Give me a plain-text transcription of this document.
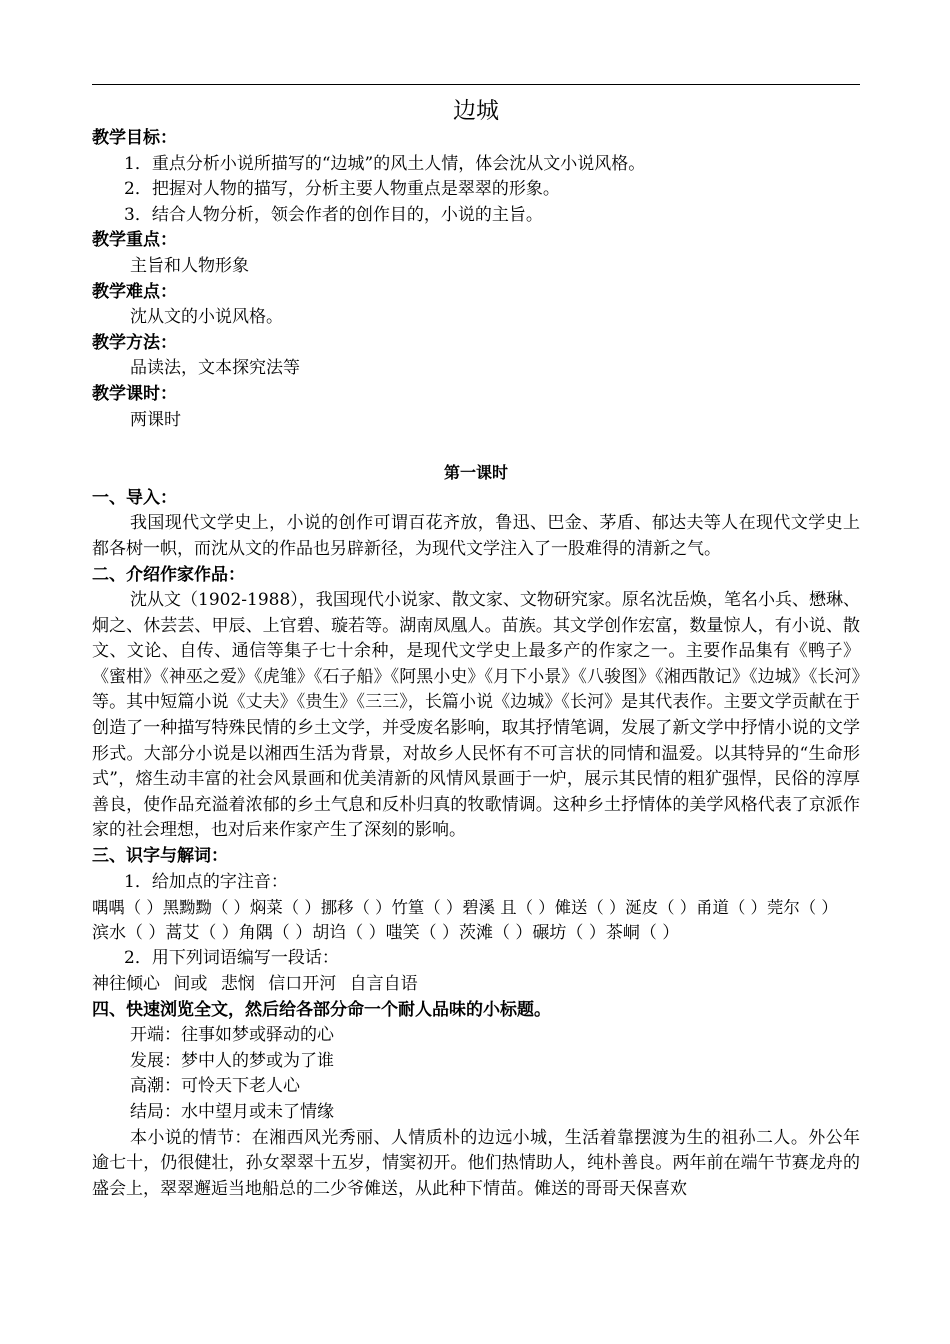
边城
教学目标：
1．重点分析小说所描写的“边城”的风土人情，体会沈从文小说风格。
2．把握对人物的描写，分析主要人物重点是翠翠的形象。
3．结合人物分析，领会作者的创作目的，小说的主旨。
教学重点：
主旨和人物形象
教学难点：
沈从文的小说风格。
教学方法：
品读法，文本探究法等
教学课时：
两课时
第一课时
一、导入：

我国现代文学史上，小说的创作可谓百花齐放，鲁迅、巴金、茅盾、郁达夫等人在现代文学史上都各树一帜，而沈从文的作品也另辟新径，为现代文学注入了一股难得的清新之气。

二、介绍作家作品：

沈从文（1902-1988），我国现代小说家、散文家、文物研究家。原名沈岳焕，笔名小兵、懋琳、炯之、休芸芸、甲辰、上官碧、璇若等。湖南凤凰人。苗族。其文学创作宏富，数量惊人，有小说、散文、文论、自传、通信等集子七十余种，是现代文学史上最多产的作家之一。主要作品集有《鸭子》《蜜柑》《神巫之爱》《虎雏》《石子船》《阿黑小史》《月下小景》《八骏图》《湘西散记》《边城》《长河》等。其中短篇小说《丈夫》《贵生》《三三》，长篇小说《边城》《长河》是其代表作。主要文学贡献在于创造了一种描写特殊民情的乡土文学，并受废名影响，取其抒情笔调，发展了新文学中抒情小说的文学形式。大部分小说是以湘西生活为背景，对故乡人民怀有不可言状的同情和温爱。以其特异的“生命形式”，熔生动丰富的社会风景画和优美清新的风情风景画于一炉，展示其民情的粗犷强悍，民俗的淳厚善良，使作品充溢着浓郁的乡土气息和反朴归真的牧歌情调。这种乡土抒情体的美学风格代表了京派作家的社会理想，也对后来作家产生了深刻的影响。

三、识字与解词：
1．给加点的字注音：
喁喁（ ）黑黝黝（ ）焖菜（ ）挪移（ ）竹篁（ ）碧溪 且（ ）傩送（ ）涎皮（ ）甬道（ ）莞尔（ ）
滨水（ ）蒿艾（ ）角隅（ ）胡诌（ ）嗤笑（ ）茨滩（ ）碾坊（ ）茶峒（ ）
2．用下列词语编写一段话：
神往倾心 间或 悲悯 信口开河 自言自语
四、快速浏览全文，然后给各部分命一个耐人品味的小标题。
开端：往事如梦或驿动的心
发展：梦中人的梦或为了谁
高潮：可怜天下老人心
结局：水中望月或未了情缘

本小说的情节：在湘西风光秀丽、人情质朴的边远小城，生活着靠摆渡为生的祖孙二人。外公年逾七十，仍很健壮，孙女翠翠十五岁，情窦初开。他们热情助人，纯朴善良。两年前在端午节赛龙舟的盛会上，翠翠邂逅当地船总的二少爷傩送，从此种下情苗。傩送的哥哥天保喜欢
